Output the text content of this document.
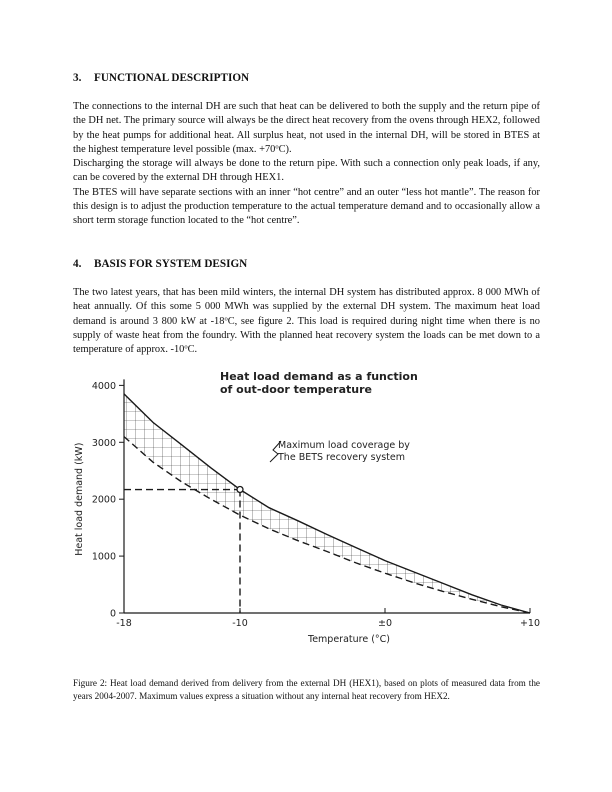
3. FUNCTIONAL DESCRIPTION

The connections to the internal DH are such that heat can be delivered to both the supply and the return pipe of the DH net. The primary source will always be the direct heat recovery from the ovens through HEX2, followed by the heat pumps for additional heat. All surplus heat, not used in the internal DH, will be stored in BTES at the highest temperature level possible (max. $+70^oC$).

Discharging the storage will always be done to the return pipe. With such a connection only peak loads, if any, can be covered by the external DH through HEX1.

The BTES will have separate sections with an inner “hot centre” and an outer “less hot mantle”. The reason for this design is to adjust the production temperature to the actual temperature demand and to occasionally allow a short term storage function located to the “hot centre”.

4. BASIS FOR SYSTEM DESIGN

The two latest years, that has been mild winters, the internal DH system has distributed approx. 8 000 MWh of heat annually. Of this some 5 000 MWh was supplied by the external DH system. The maximum heat load demand is around 3 800 kW at -18$^o$C, see figure 2. This load is required during night time when there is no supply of waste heat from the foundry. With the planned heat recovery system the loads can be met down to a temperature of approx. -10$^o$C.

0
1000
2000
3000
4000
-18	-10	±0	+10
Heat load demand as a function
of out-door temperature
Maximum load coverage by
The BETS recovery system
Temperature (°C)
Heat load demand (kW)

Figure 2: Heat load demand derived from delivery from the external DH (HEX1), based on plots of measured data from the years 2004-2007. Maximum values express a situation without any internal heat recovery from HEX2.
